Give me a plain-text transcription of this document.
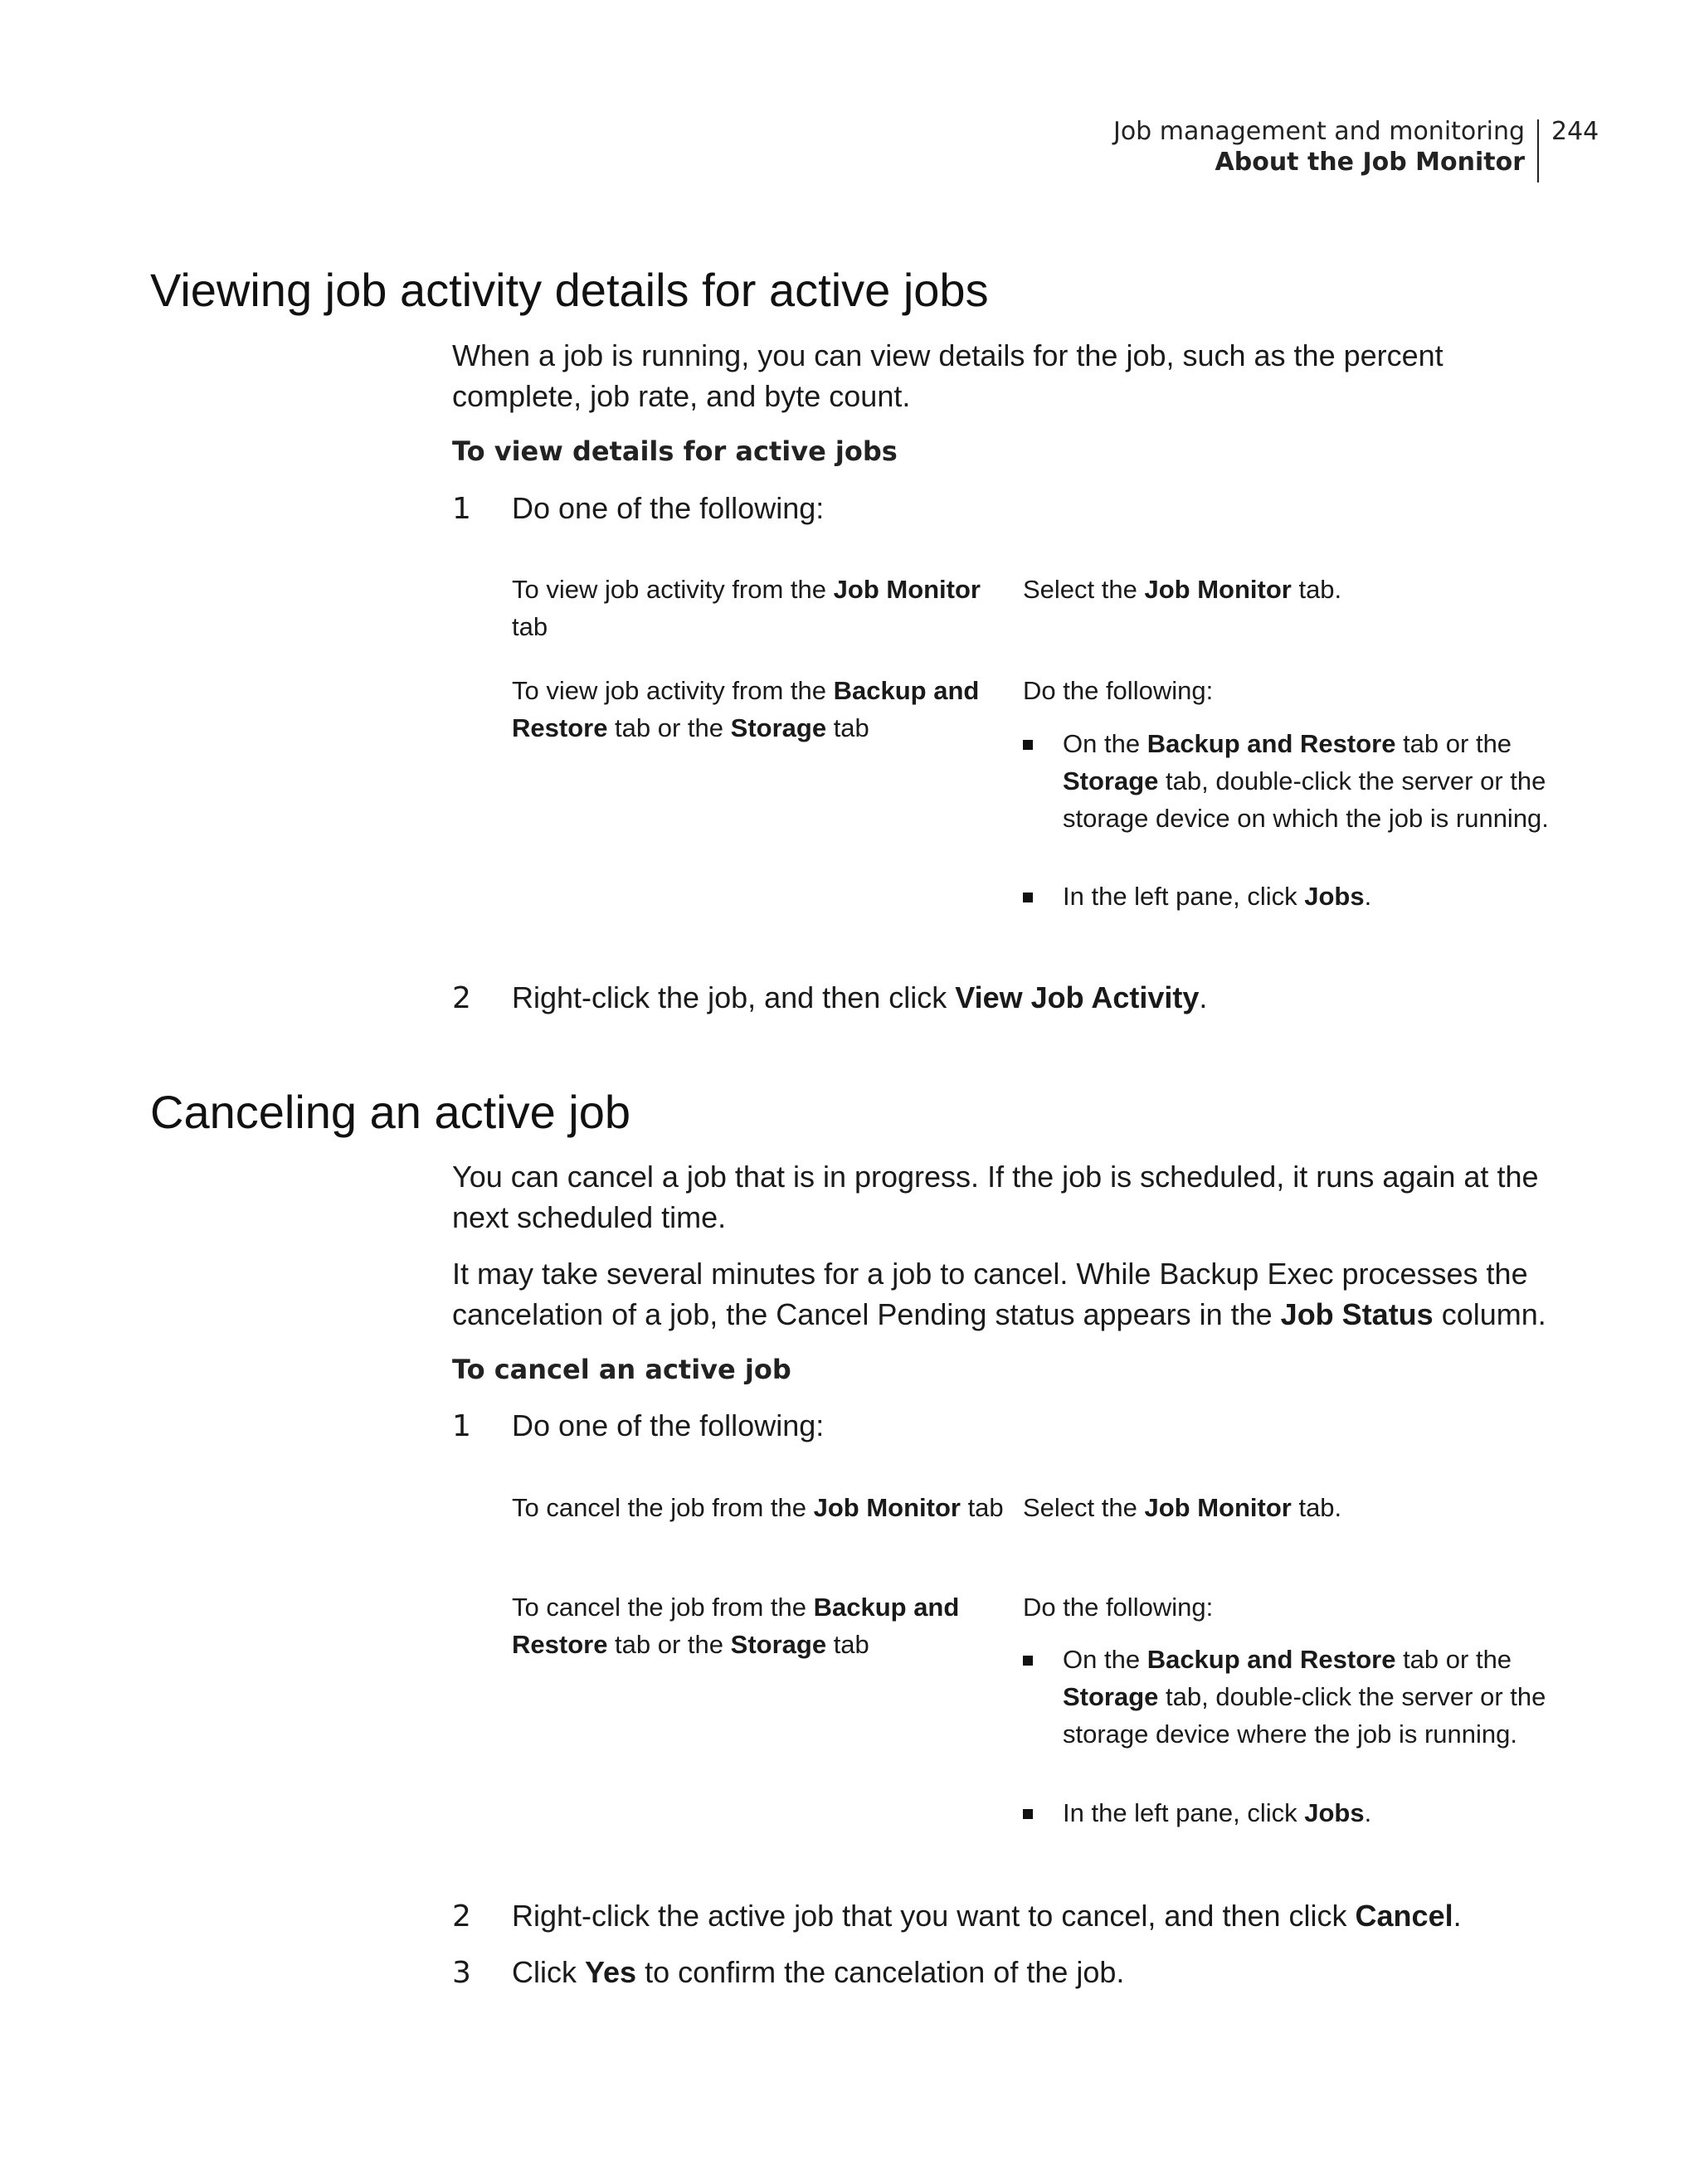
Job management and monitoring
About the Job Monitor
244
Viewing job activity details for active jobs

When a job is running, you can view details for the job, such as the percent complete, job rate, and byte count.

To view details for active jobs

1 Do one of the following:
To view job activity from the Job Monitor tab
Select the Job Monitor tab.
To view job activity from the Backup and Restore tab or the Storage tab
Do the following:
On the Backup and Restore tab or the Storage tab, double-click the server or the storage device on which the job is running.
In the left pane, click Jobs.
2 Right-click the job, and then click View Job Activity.
Canceling an active job

You can cancel a job that is in progress. If the job is scheduled, it runs again at the next scheduled time.

It may take several minutes for a job to cancel. While Backup Exec processes the cancelation of a job, the Cancel Pending status appears in the Job Status column.

To cancel an active job

1 Do one of the following:
To cancel the job from the Job Monitor tab Select the Job Monitor tab.
To cancel the job from the Backup and Restore tab or the Storage tab
Do the following:
On the Backup and Restore tab or the Storage tab, double-click the server or the storage device where the job is running.
In the left pane, click Jobs.
2 Right-click the active job that you want to cancel, and then click Cancel.
3 Click Yes to confirm the cancelation of the job.
